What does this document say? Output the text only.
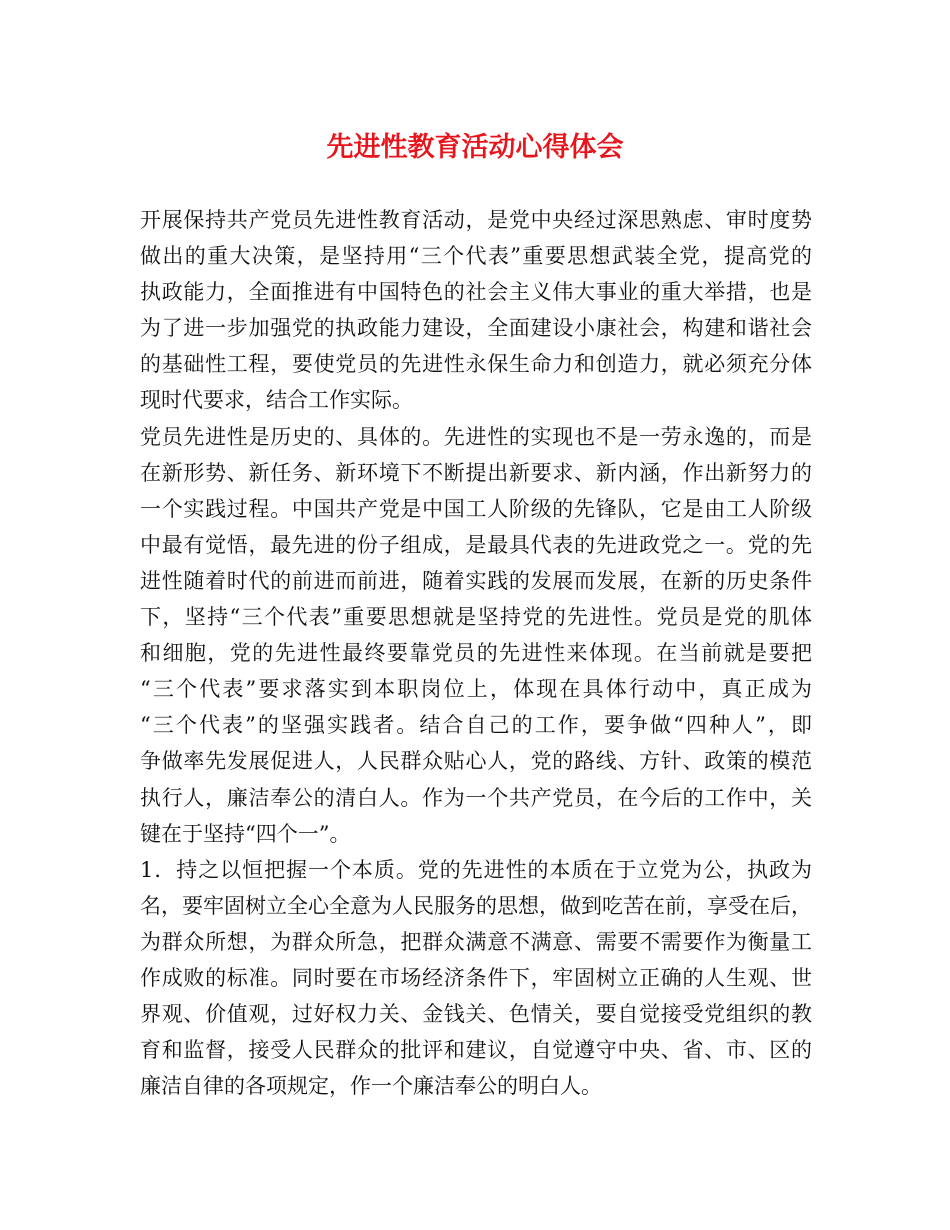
先进性教育活动心得体会
开展保持共产党员先进性教育活动，是党中央经过深思熟虑、审时度势
做出的重大决策，是坚持用“三个代表”重要思想武装全党，提高党的
执政能力，全面推进有中国特色的社会主义伟大事业的重大举措，也是
为了进一步加强党的执政能力建设，全面建设小康社会，构建和谐社会
的基础性工程，要使党员的先进性永保生命力和创造力，就必须充分体
现时代要求，结合工作实际。
党员先进性是历史的、具体的。先进性的实现也不是一劳永逸的，而是
在新形势、新任务、新环境下不断提出新要求、新内涵，作出新努力的
一个实践过程。中国共产党是中国工人阶级的先锋队，它是由工人阶级
中最有觉悟，最先进的份子组成，是最具代表的先进政党之一。党的先
进性随着时代的前进而前进，随着实践的发展而发展，在新的历史条件
下，坚持“三个代表”重要思想就是坚持党的先进性。党员是党的肌体
和细胞，党的先进性最终要靠党员的先进性来体现。在当前就是要把
“三个代表”要求落实到本职岗位上，体现在具体行动中，真正成为
“三个代表”的坚强实践者。结合自己的工作，要争做“四种人”，即
争做率先发展促进人，人民群众贴心人，党的路线、方针、政策的模范
执行人，廉洁奉公的清白人。作为一个共产党员，在今后的工作中，关
键在于坚持“四个一”。
1．持之以恒把握一个本质。党的先进性的本质在于立党为公，执政为
名，要牢固树立全心全意为人民服务的思想，做到吃苦在前，享受在后，
为群众所想，为群众所急，把群众满意不满意、需要不需要作为衡量工
作成败的标准。同时要在市场经济条件下，牢固树立正确的人生观、世
界观、价值观，过好权力关、金钱关、色情关，要自觉接受党组织的教
育和监督，接受人民群众的批评和建议，自觉遵守中央、省、市、区的
廉洁自律的各项规定，作一个廉洁奉公的明白人。
